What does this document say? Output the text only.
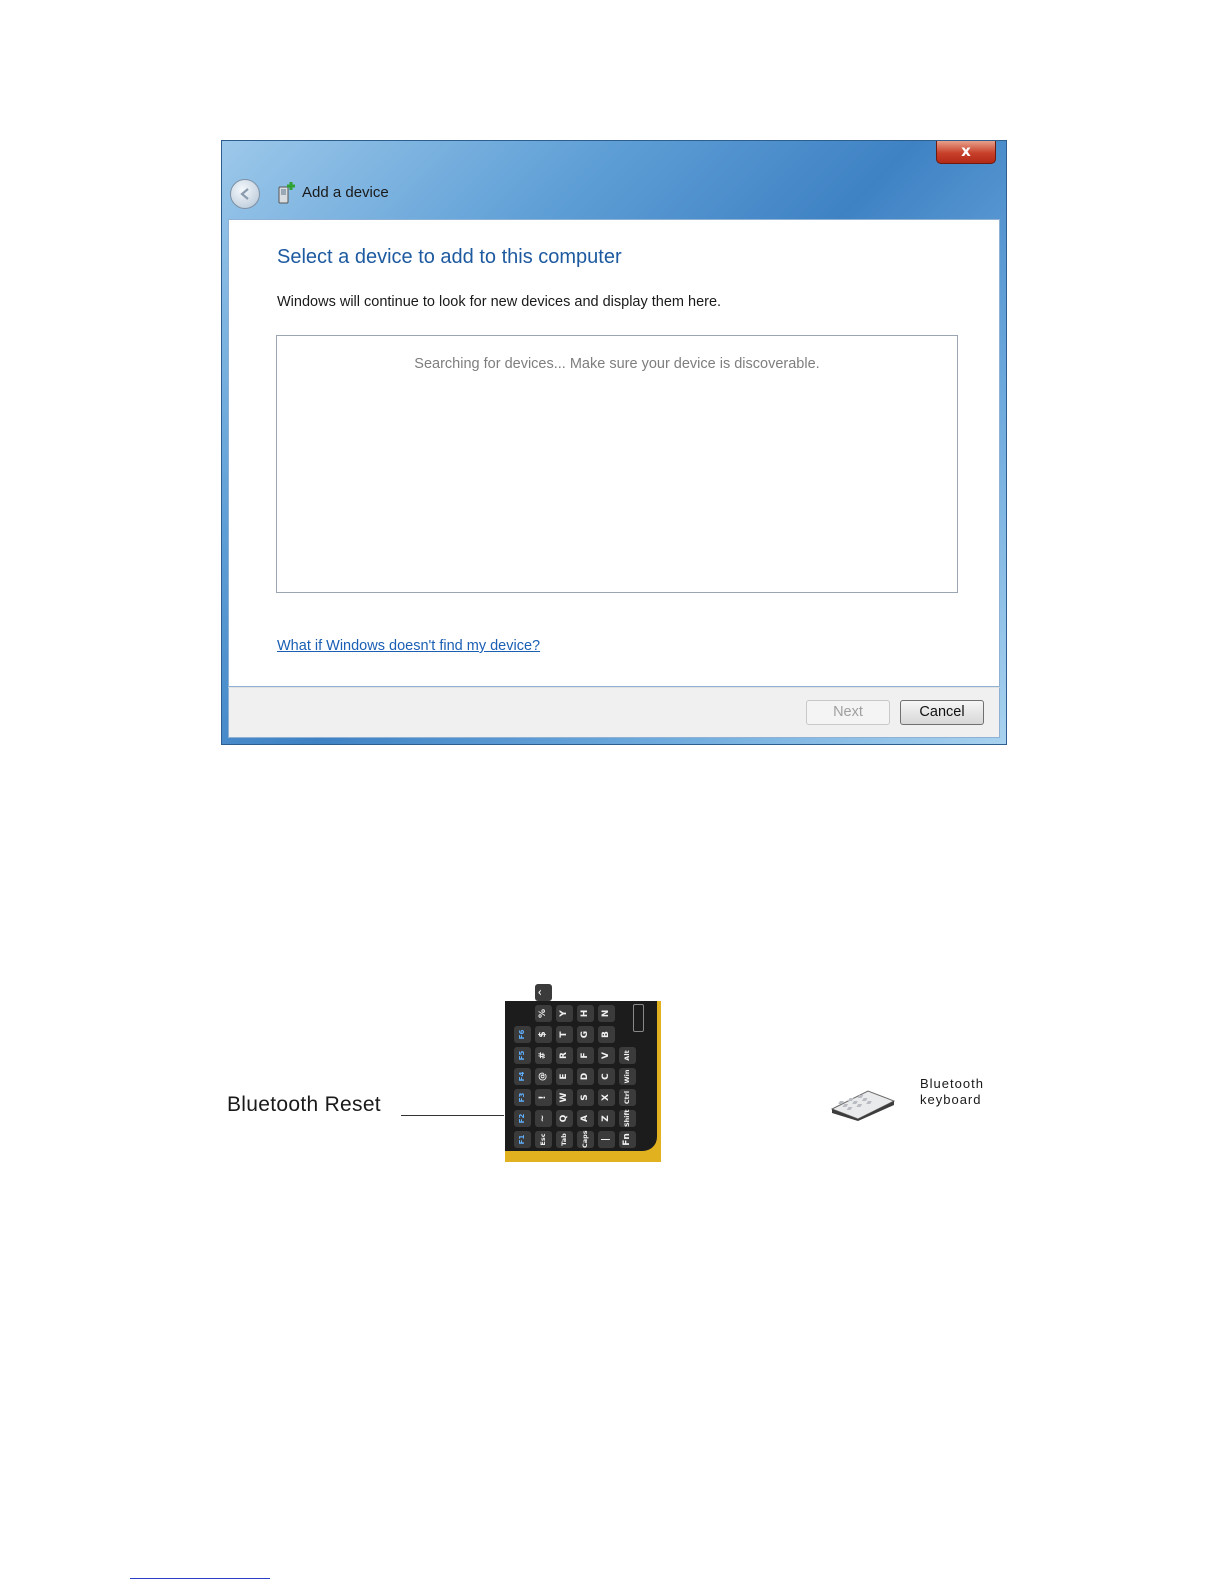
x
Add a device
Select a device to add to this computer
Windows will continue to look for new devices and display them here.
Searching for devices... Make sure your device is discoverable.
What if Windows doesn't find my device?
Next	Cancel
Bluetooth Reset
F1
F2
F3
F4
F5
F6
Esc
~
!
@
#
$
%
^
Tab
Q
W
E
R
T
Y
Caps
A
S
D
F
G
H
|
Z
X
C
V
B
N
Fn
Shift
Ctrl
Win
Alt
Bluetooth
keyboard
